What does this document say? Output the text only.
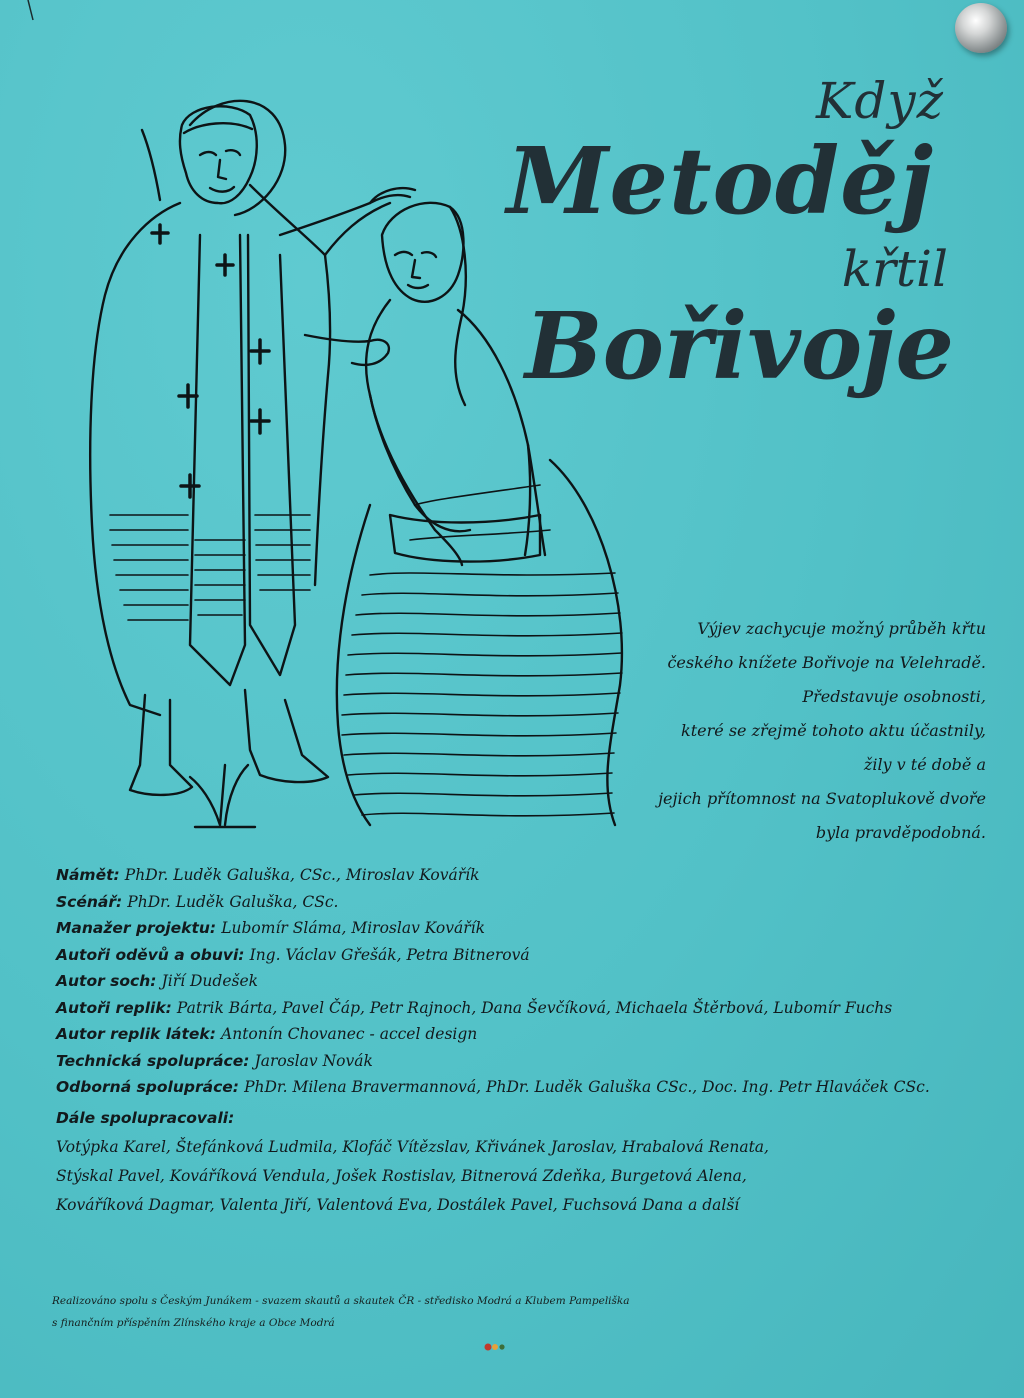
Když
Metoděj
křtil
Bořivoje
Výjev zachycuje možný průběh křtu
českého knížete Bořivoje na Velehradě.
Představuje osobnosti,
které se zřejmě tohoto aktu účastnily,
žily v té době a
jejich přítomnost na Svatoplukově dvoře
byla pravděpodobná.
Námět: PhDr. Luděk Galuška, CSc., Miroslav Kovářík
Scénář: PhDr. Luděk Galuška, CSc.
Manažer projektu: Lubomír Sláma, Miroslav Kovářík
Autoři oděvů a obuvi: Ing. Václav Gřešák, Petra Bitnerová
Autor soch: Jiří Dudešek
Autoři replik: Patrik Bárta, Pavel Čáp, Petr Rajnoch, Dana Ševčíková, Michaela Štěrbová, Lubomír Fuchs
Autor replik látek: Antonín Chovanec - accel design
Technická spolupráce: Jaroslav Novák
Odborná spolupráce: PhDr. Milena Bravermannová, PhDr. Luděk Galuška CSc., Doc. Ing. Petr Hlaváček CSc.
Dále spolupracovali:
Votýpka Karel, Štefánková Ludmila, Klofáč Vítězslav, Křivánek Jaroslav, Hrabalová Renata,
Stýskal Pavel, Kováříková Vendula, Jošek Rostislav, Bitnerová Zdeňka, Burgetová Alena,
Kováříková Dagmar, Valenta Jiří, Valentová Eva, Dostálek Pavel, Fuchsová Dana a další
Realizováno spolu s Českým Junákem - svazem skautů a skautek ČR - středisko Modrá a Klubem Pampeliška
s finančním příspěním Zlínského kraje a Obce Modrá
